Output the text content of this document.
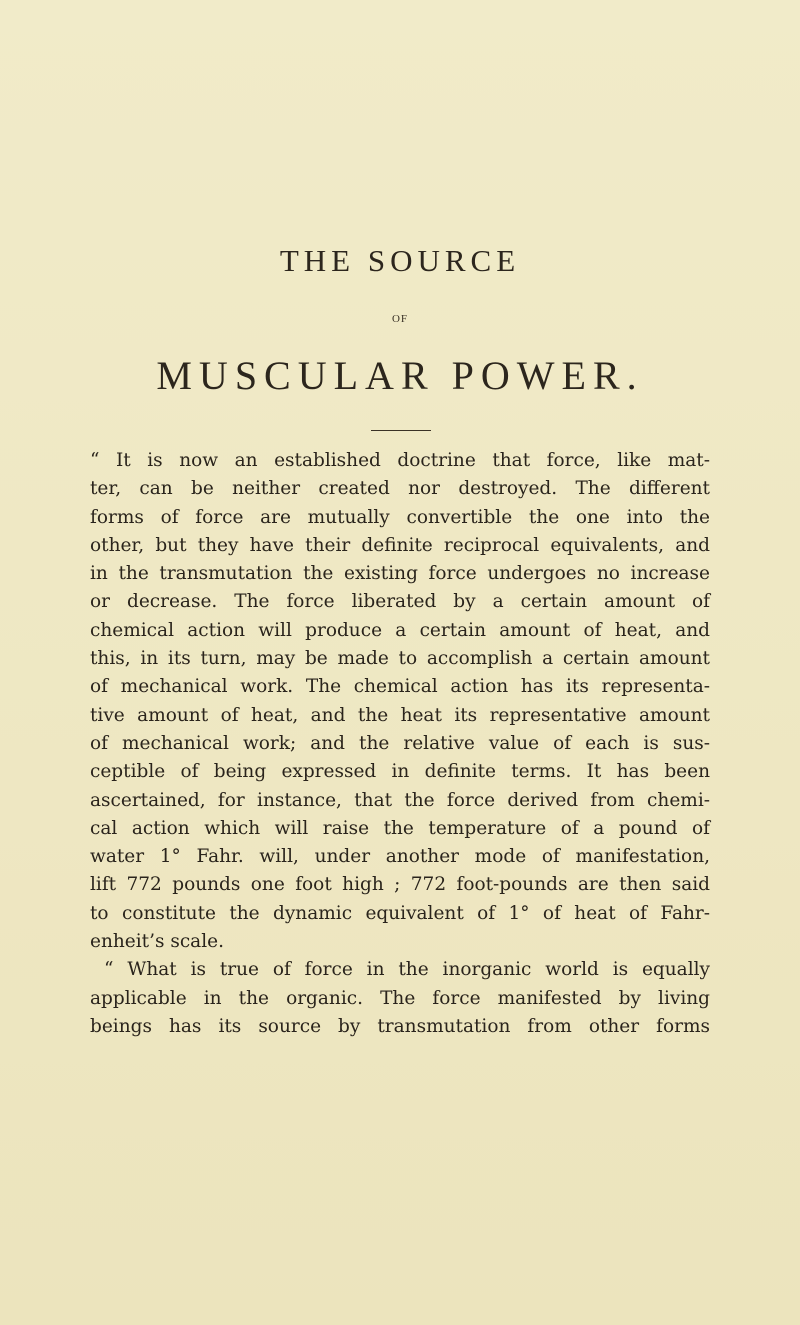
THE SOURCE
OF
MUSCULAR POWER.
“ It is now an established doctrine that force, like mat-
ter, can be neither created nor destroyed. The different
forms of force are mutually convertible the one into the
other, but they have their definite reciprocal equivalents, and
in the transmutation the existing force undergoes no increase
or decrease. The force liberated by a certain amount of
chemical action will produce a certain amount of heat, and
this, in its turn, may be made to accomplish a certain amount
of mechanical work. The chemical action has its representa-
tive amount of heat, and the heat its representative amount
of mechanical work; and the relative value of each is sus-
ceptible of being expressed in definite terms. It has been
ascertained, for instance, that the force derived from chemi-
cal action which will raise the temperature of a pound of
water 1° Fahr. will, under another mode of manifestation,
lift 772 pounds one foot high ; 772 foot-pounds are then said
to constitute the dynamic equivalent of 1° of heat of Fahr-
enheit’s scale.
“ What is true of force in the inorganic world is equally
applicable in the organic. The force manifested by living
beings has its source by transmutation from other forms
